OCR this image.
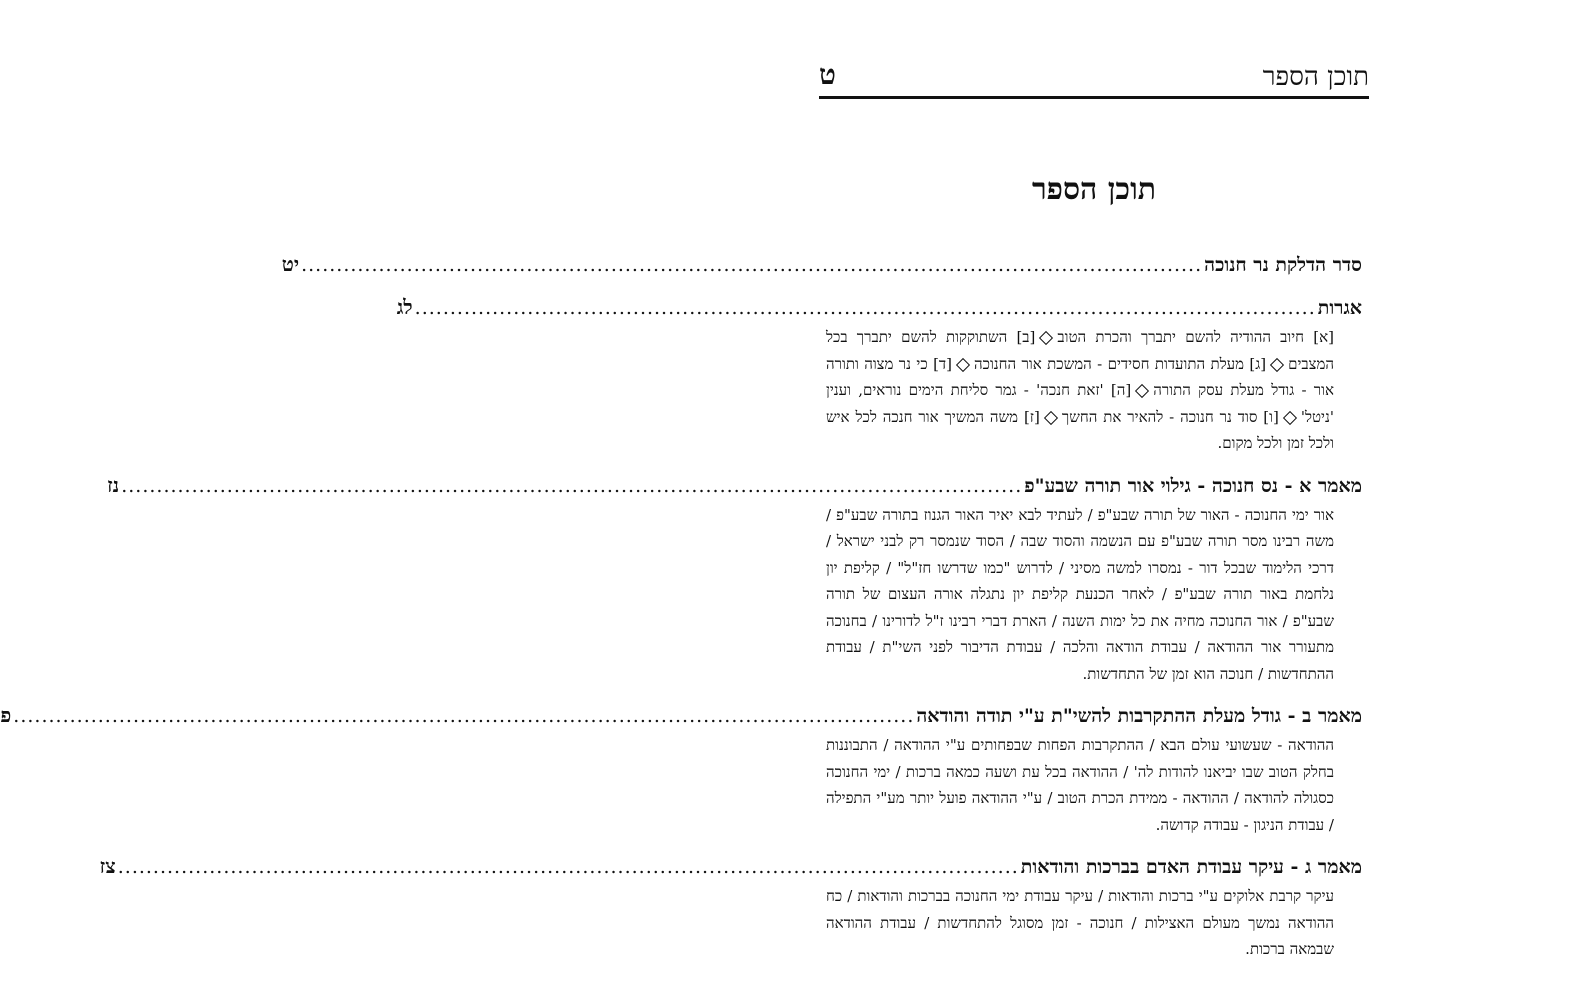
תוכן הספר
ט
תוכן הספר
סדר הדלקת נר חנוכה
................................................................................................................................
יט
אגרות
................................................................................................................................
לג
[א] חיוב ההודיה להשם יתברך והכרת הטוב[ב] השתוקקות להשם יתברך בכל המצבים[ג] מעלת התועדות חסידים - המשכת אור החנוכה[ד] כי נר מצוה ותורה אור - גודל מעלת עסק התורה[ה] 'זאת חנכה' - גמר סליחת הימים נוראים, וענין 'ניטל'[ו] סוד נר חנוכה - להאיר את החשך[ז] משה המשיך אור חנכה לכל איש ולכל זמן ולכל מקום.
מאמר א - נס חנוכה - גילוי אור תורה שבע"פ
................................................................................................................................
נז
אור ימי החנוכה - האור של תורה שבע"פ / לעתיד לבא יאיר האור הגנוז בתורה שבע"פ / משה רבינו מסר תורה שבע"פ עם הנשמה והסוד שבה / הסוד שנמסר רק לבני ישראל / דרכי הלימוד שבכל דור - נמסרו למשה מסיני / לדרוש "כמו שדרשו חז"ל" / קליפת יון נלחמת באור תורה שבע"פ / לאחר הכנעת קליפת יון נתגלה אורה העצום של תורה שבע"פ / אור החנוכה מחיה את כל ימות השנה / הארת דברי רבינו ז"ל לדורינו / בחנוכה מתעורר אור ההודאה / עבודת הודאה והלכה / עבודת הדיבור לפני השי"ת / עבודת ההתחדשות / חנוכה הוא זמן של התחדשות.
מאמר ב - גודל מעלת ההתקרבות להשי"ת ע"י תודה והודאה
................................................................................................................................
פ
ההודאה - שעשועי עולם הבא / ההתקרבות הפחות שבפחותים ע"י ההודאה / התבוננות בחלק הטוב שבו יביאנו להודות לה' / ההודאה בכל עת ושעה כמאה ברכות / ימי החנוכה כסגולה להודאה / ההודאה - ממידת הכרת הטוב / ע"י ההודאה פועל יותר מע"י התפילה / עבודת הניגון - עבודה קדושה.
מאמר ג - עיקר עבודת האדם בברכות והודאות
................................................................................................................................
צז
עיקר קרבת אלוקים ע"י ברכות והודאות / עיקר עבודת ימי החנוכה בברכות והודאות / כח ההודאה נמשך מעולם האצילות / חנוכה - זמן מסוגל להתחדשות / עבודת ההודאה שבמאה ברכות.
